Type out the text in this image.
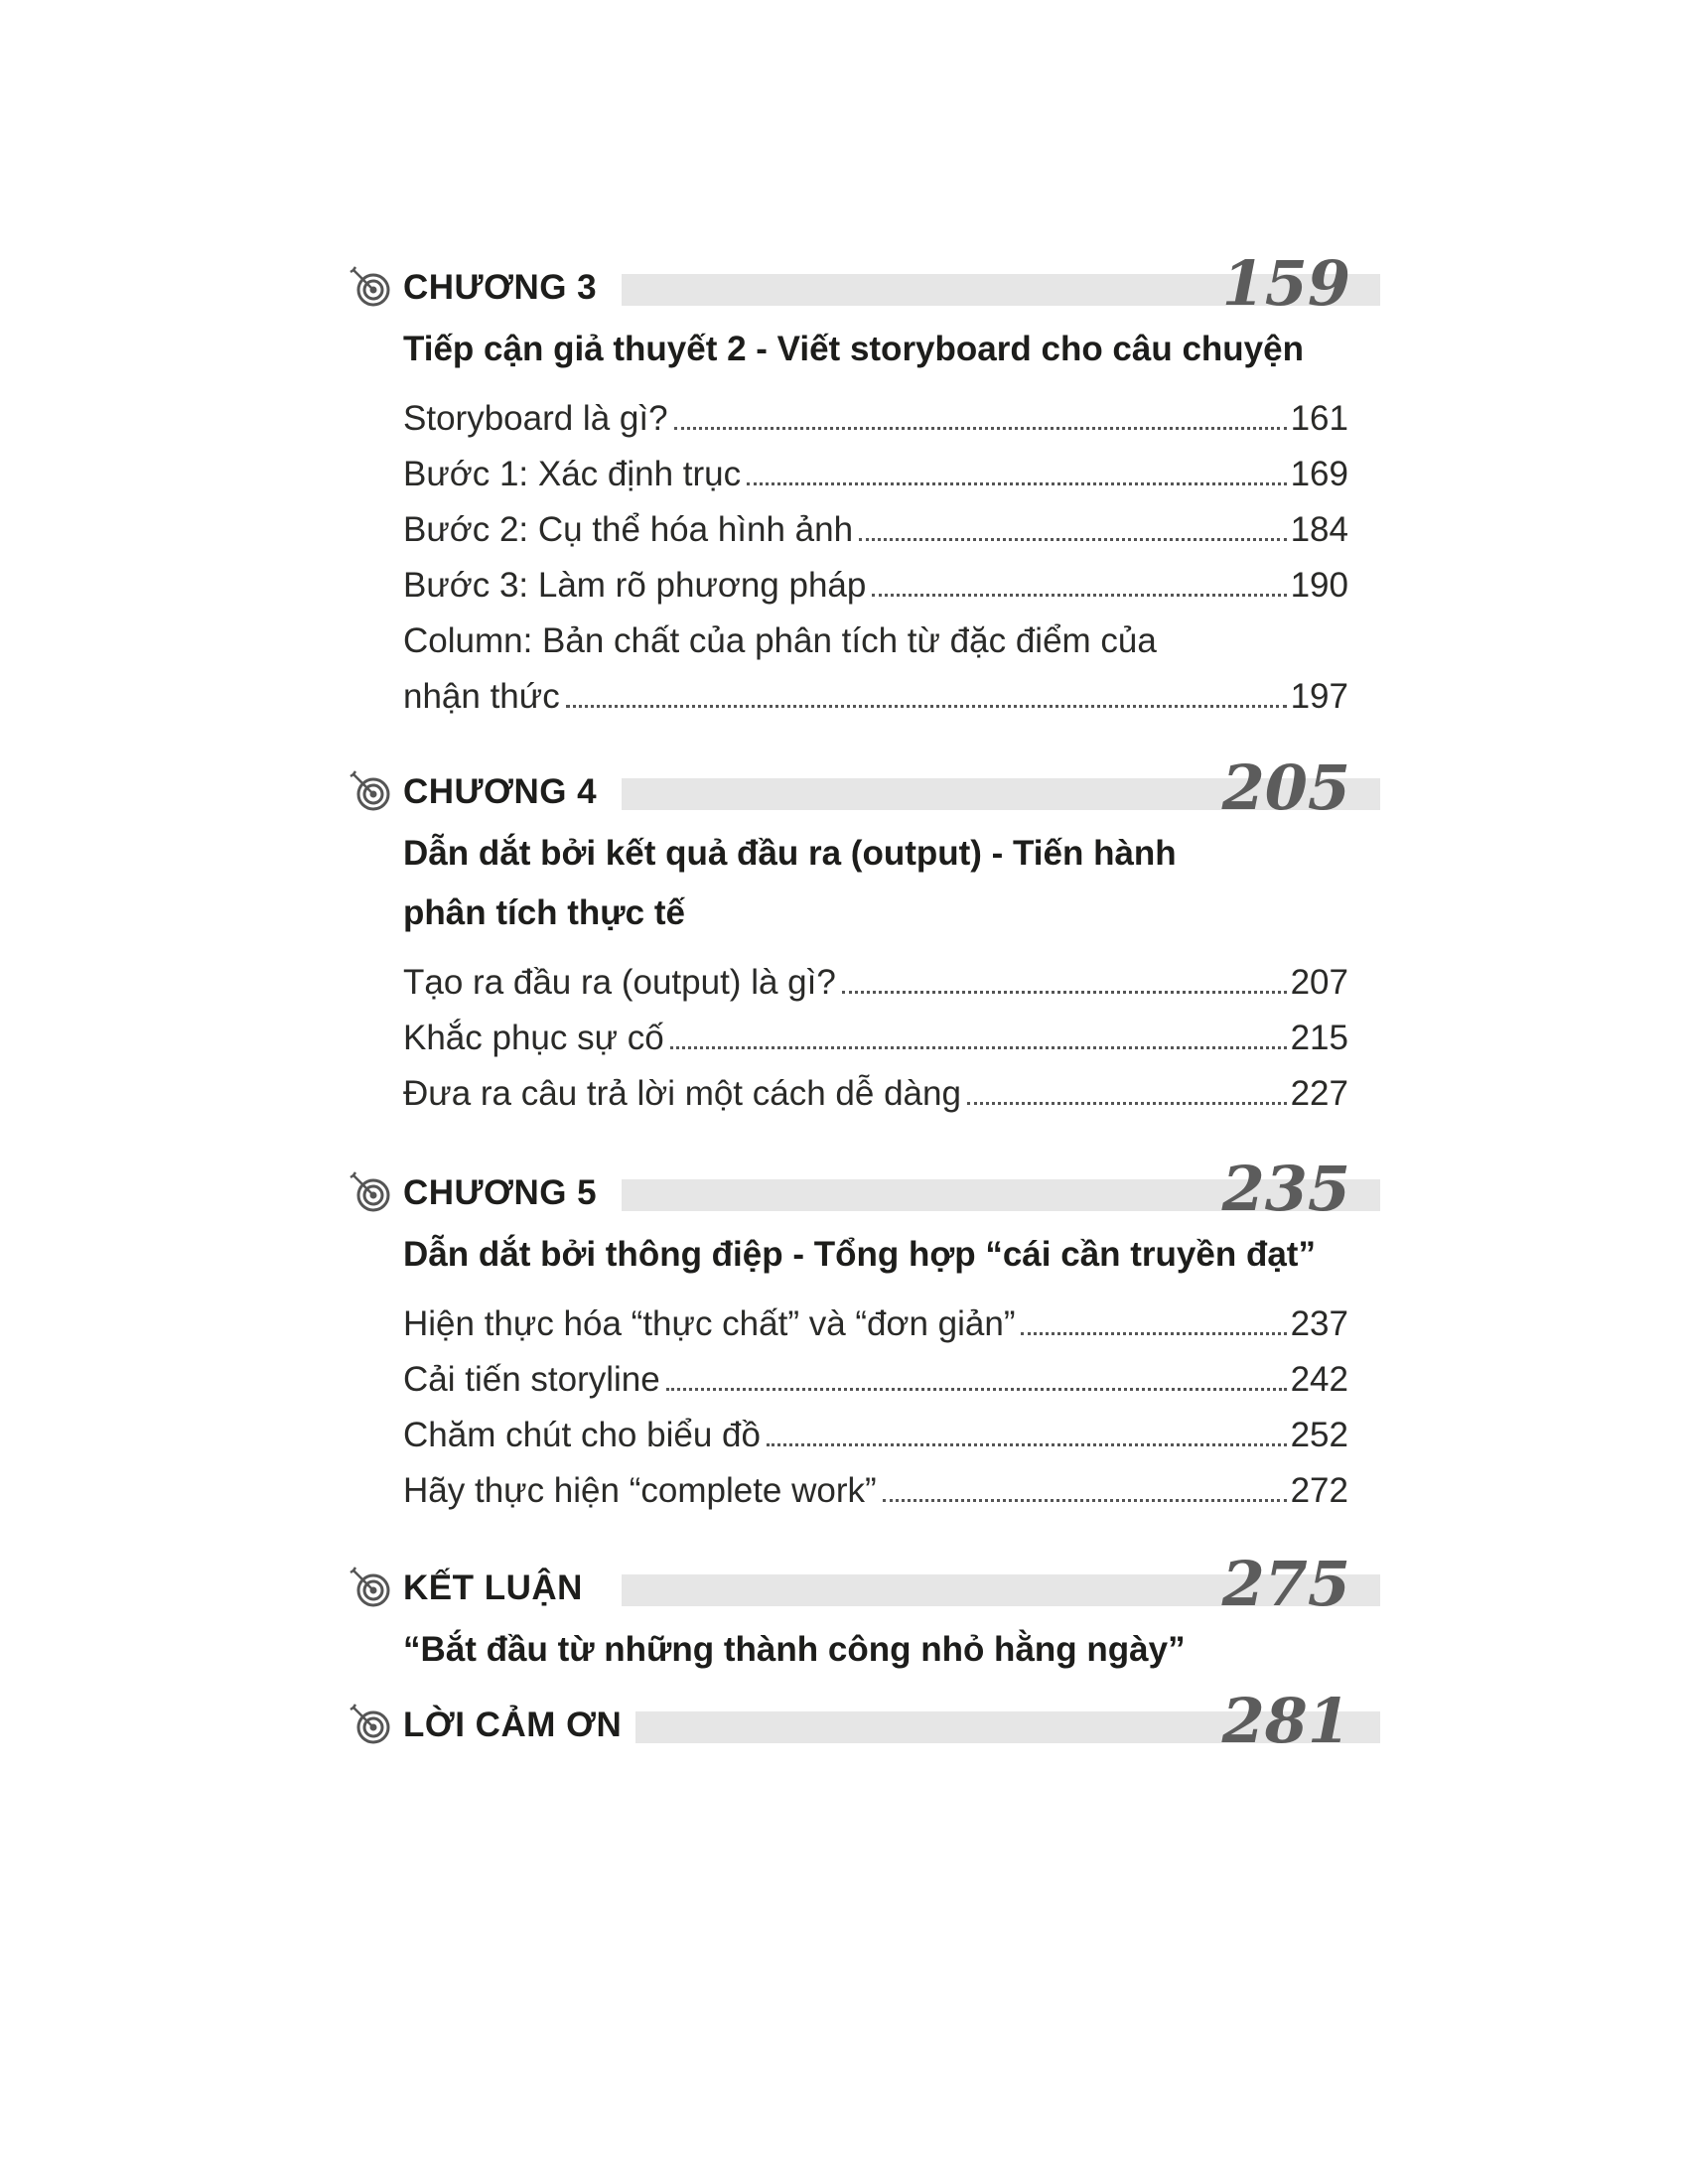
CHƯƠNG 3	159
Tiếp cận giả thuyết 2 - Viết storyboard cho câu chuyện
Storyboard là gì?	161
Bước 1: Xác định trục	169
Bước 2: Cụ thể hóa hình ảnh	184
Bước 3: Làm rõ phương pháp	190
Column: Bản chất của phân tích từ đặc điểm của
nhận thức	197
CHƯƠNG 4	205
Dẫn dắt bởi kết quả đầu ra (output) - Tiến hành
phân tích thực tế
Tạo ra đầu ra (output) là gì?	207
Khắc phục sự cố	215
Đưa ra câu trả lời một cách dễ dàng	227
CHƯƠNG 5	235
Dẫn dắt bởi thông điệp - Tổng hợp “cái cần truyền đạt”
Hiện thực hóa “thực chất” và “đơn giản”	237
Cải tiến storyline	242
Chăm chút cho biểu đồ	252
Hãy thực hiện “complete work”	272
KẾT LUẬN	275
“Bắt đầu từ những thành công nhỏ hằng ngày”
LỜI CẢM ƠN	281
